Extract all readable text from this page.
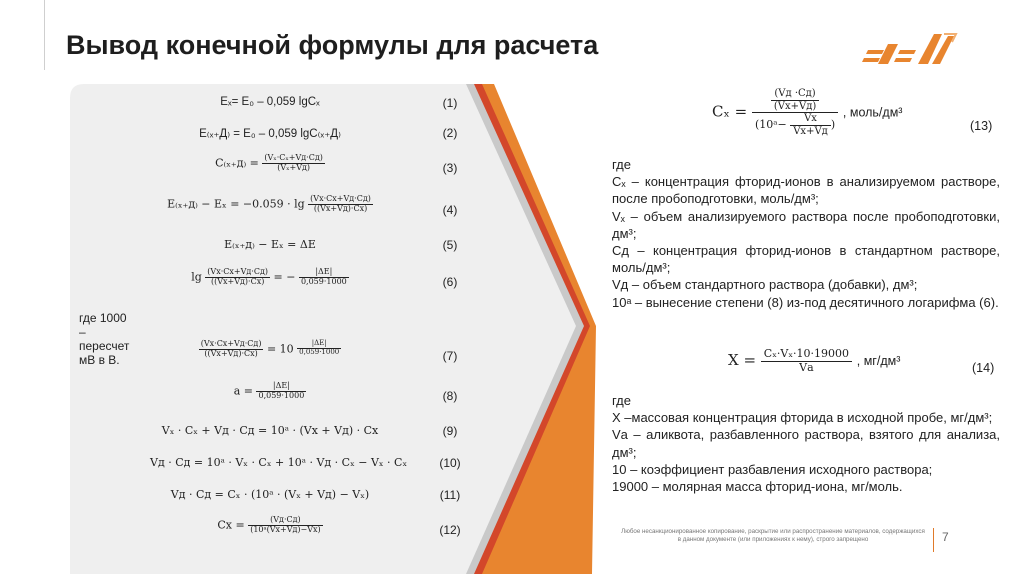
Вывод конечной формулы для расчета
Eₓ= E₀ – 0,059 lgCₓ
E₍ₓ₊Д₎ = E₀ – 0,059 lgC₍ₓ₊Д₎
$C_{(x+}д_) = \frac{\text{(Vₓ·Cₓ+Vд·Cд)}}{\text{(Vₓ+Vд)}}$
$E_{(x+}д_) - E_x = -0.059 \cdot \lg \frac{(Vx\cdot Cx+Vд\cdot Cд)}{((Vx+Vд)\cdot Cx)}$
E₍ₓ₊д₎ − Eₓ = ΔE
$\lg \frac{(Vx\cdot Cx+Vд\cdot Cд)}{((Vx+Vд)\cdot Cx)}$ = − $\frac{|\Delta E|}{0,059\cdot 1000}$
где 1000 – пересчет мВ в В.
$\frac{(Vx\cdot Cx+Vд\cdot Cд)}{((Vx+Vд)\cdot Cx)} = 10 \frac{|\Delta E|}{0,059\cdot 1000}$
$a = \frac{|\Delta E|}{0,059\cdot 1000}$
Vₓ · Cₓ + Vд · Cд = 10ᵃ · (Vx + Vд) · Cx
Vд · Cд = 10ᵃ · Vₓ · Cₓ + 10ᵃ · Vд · Cₓ − Vₓ · Cₓ
Vд · Cд = Cₓ · (10ᵃ · (Vₓ + Vд) − Vₓ)
$Cx = \frac{(Vд\cdot Cд)}{\text{(10ᵃ(Vx+Vд)−Vx)}}$
(1)
(2)
(3)
(4)
(5)
(6)
(7)
(8)
(9)
(10)
(11)
(12)
Cₓ =
(Vд ·Cд)
(Vx+Vд)
(10ᵃ−	Vx
Vx+Vд )
, моль/дм³
(13)

где

Сₓ – концентрация фторид-ионов в анализируемом растворе, после пробоподготовки, моль/дм³;

Vₓ – объем анализируемого раствора после пробоподготовки, дм³;

Сд – концентрация фторид-ионов в стандартном растворе, моль/дм³;

Vд – объем стандартного раствора (добавки), дм³;

10ᵃ – вынесение степени (8) из-под десятичного логарифма (6).

X = Cₓ·Vₓ·10·19000
Vа	, мг/дм³	(14)

где

X –массовая концентрация фторида в исходной пробе, мг/дм³;

Vа – аликвота, разбавленного раствора, взятого для анализа, дм³;

10 – коэффициент разбавления исходного раствора;

19000 – молярная масса фторид-иона, мг/моль.

Любое несанкционированное копирование, раскрытие или распространение материалов, содержащихся в данном документе (или приложениях к нему), строго запрещено	7
